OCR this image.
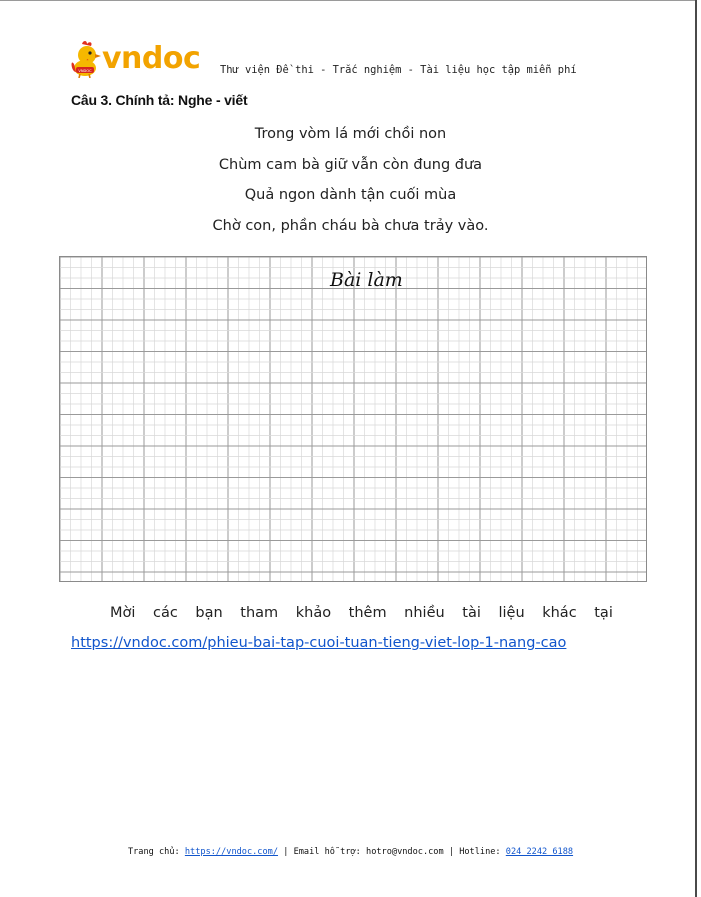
VNDOC vndoc Thư viện Đề thi - Trắc nghiệm - Tài liệu học tập miễn phí
Câu 3. Chính tả: Nghe - viết
Trong vòm lá mới chồi non
Chùm cam bà giữ vẫn còn đung đưa
Quả ngon dành tận cuối mùa
Chờ con, phần cháu bà chưa trảy vào.
Bài làm
Mời các bạn tham khảo thêm nhiều tài liệu khác tại
https://vndoc.com/phieu-bai-tap-cuoi-tuan-tieng-viet-lop-1-nang-cao
Trang chủ: https://vndoc.com/ | Email hỗ trợ: hotro@vndoc.com | Hotline: 024 2242 6188
